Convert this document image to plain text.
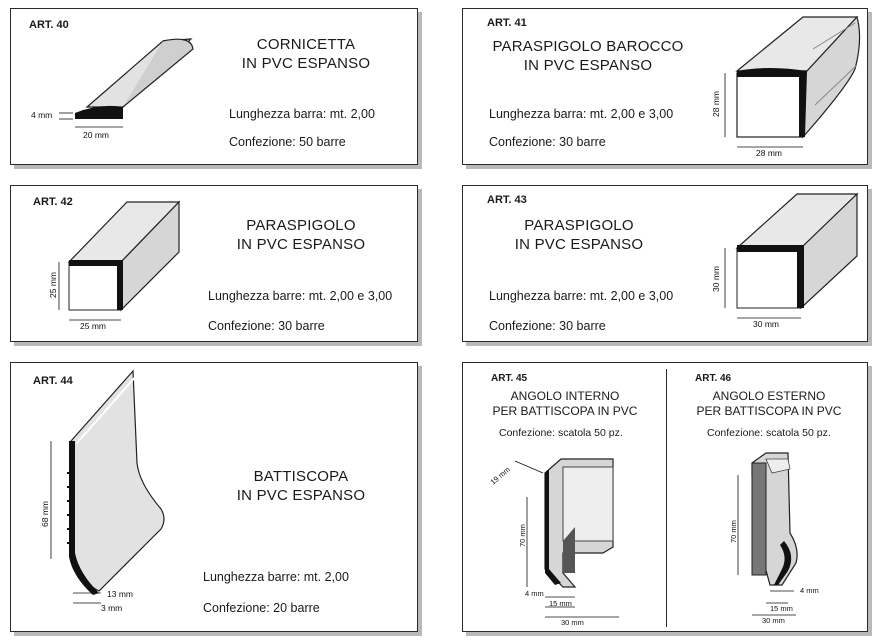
ART. 40
4 mm
20 mm
CORNICETTA
IN PVC ESPANSO
Lunghezza barra: mt. 2,00
Confezione: 50 barre
ART. 41
PARASPIGOLO BAROCCO
IN PVC ESPANSO
Lunghezza barra: mt. 2,00 e 3,00
Confezione: 30 barre
28 mm
28 mm
ART. 42
25 mm
25 mm
PARASPIGOLO
IN PVC ESPANSO
Lunghezza barre: mt. 2,00 e 3,00
Confezione: 30 barre
ART. 43
PARASPIGOLO
IN PVC ESPANSO
Lunghezza barre: mt. 2,00 e 3,00
Confezione: 30 barre
30 mm
30 mm
ART. 44
68 mm
13 mm
3 mm
BATTISCOPA
IN PVC ESPANSO
Lunghezza barre: mt. 2,00
Confezione: 20 barre
ART. 45
ANGOLO INTERNO
PER BATTISCOPA IN PVC
Confezione: scatola 50 pz.
19 mm
70 mm
4 mm
15 mm
30 mm
ART. 46
ANGOLO ESTERNO
PER BATTISCOPA IN PVC
Confezione: scatola 50 pz.
70 mm
4 mm
15 mm
30 mm
